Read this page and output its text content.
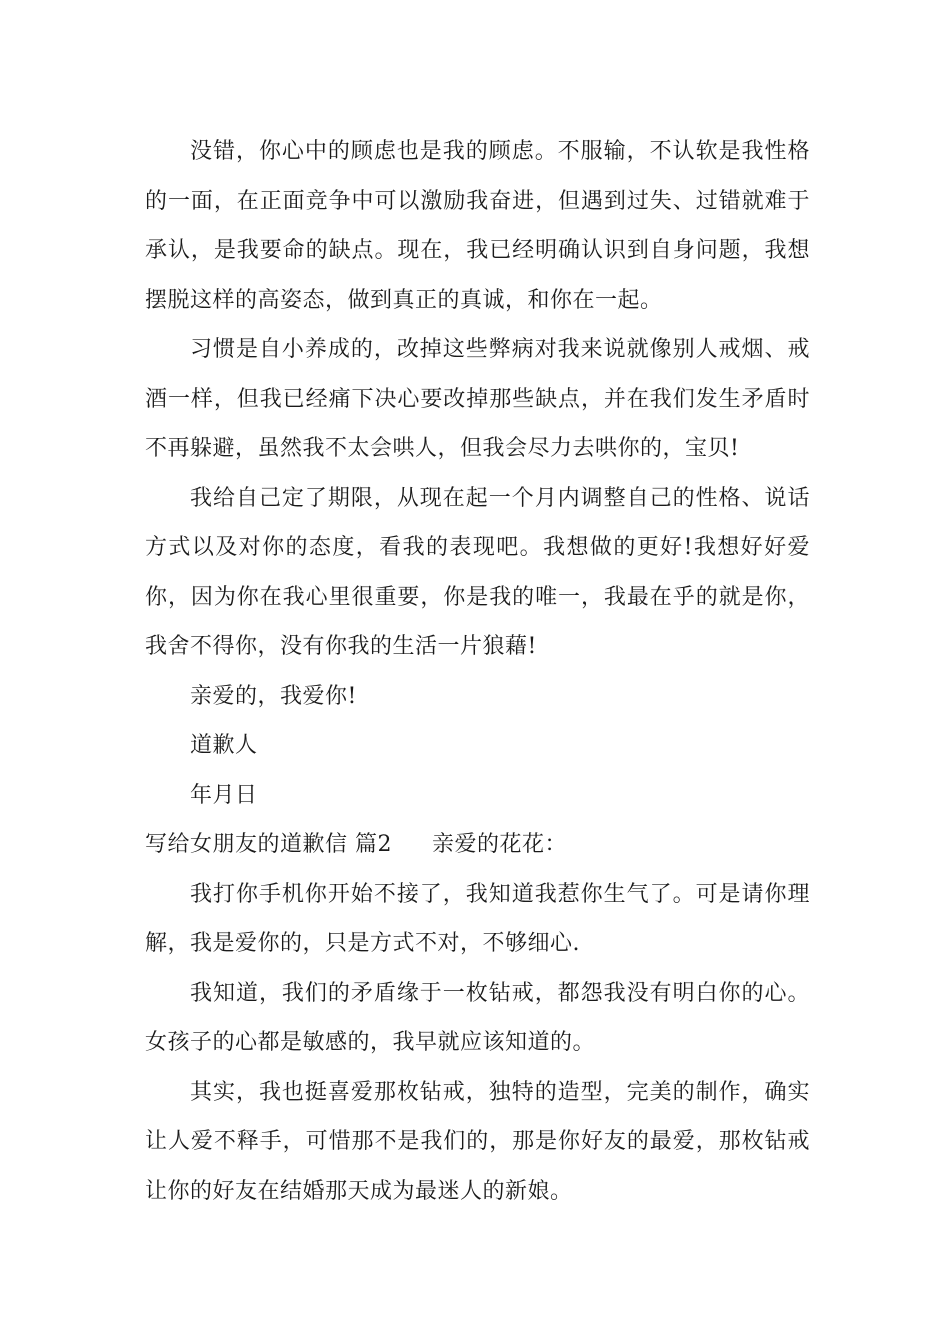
没错，你心中的顾虑也是我的顾虑。不服输，不认软是我性格的一面，在正面竞争中可以激励我奋进，但遇到过失、过错就难于承认，是我要命的缺点。现在，我已经明确认识到自身问题，我想摆脱这样的高姿态，做到真正的真诚，和你在一起。

习惯是自小养成的，改掉这些弊病对我来说就像别人戒烟、戒酒一样，但我已经痛下决心要改掉那些缺点，并在我们发生矛盾时不再躲避，虽然我不太会哄人，但我会尽力去哄你的，宝贝!

我给自己定了期限，从现在起一个月内调整自己的性格、说话方式以及对你的态度，看我的表现吧。我想做的更好!我想好好爱你，因为你在我心里很重要，你是我的唯一，我最在乎的就是你，我舍不得你，没有你我的生活一片狼藉!

亲爱的，我爱你!

道歉人

年月日

写给女朋友的道歉信 篇2 亲爱的花花：

我打你手机你开始不接了，我知道我惹你生气了。可是请你理解，我是爱你的，只是方式不对，不够细心.

我知道，我们的矛盾缘于一枚钻戒，都怨我没有明白你的心。女孩子的心都是敏感的，我早就应该知道的。

其实，我也挺喜爱那枚钻戒，独特的造型，完美的制作，确实让人爱不释手，可惜那不是我们的，那是你好友的最爱，那枚钻戒让你的好友在结婚那天成为最迷人的新娘。
